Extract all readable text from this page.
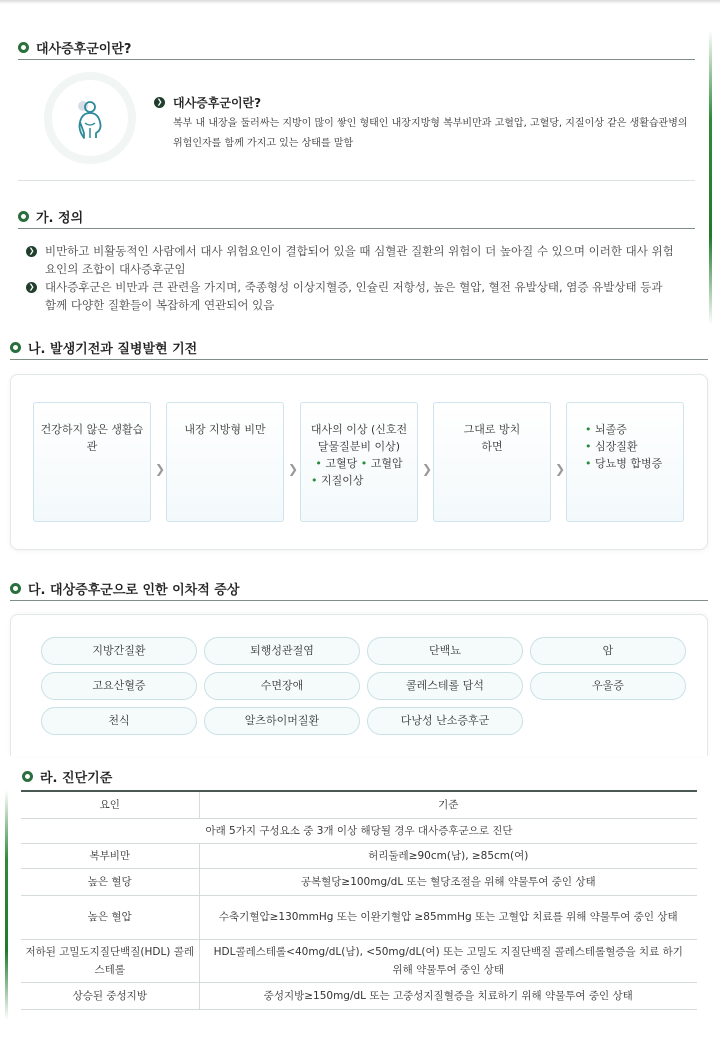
대사증후군이란?
❯ 대사증후군이란?
복부 내 내장을 둘러싸는 지방이 많이 쌓인 형태인 내장지방형 복부비만과 고혈압, 고혈당, 지질이상 같은 생활습관병의 위험인자를 함께 가지고 있는 상태를 말함
가. 정의
❯ 비만하고 비활동적인 사람에서 대사 위험요인이 결합되어 있을 때 심혈관 질환의 위험이 더 높아질 수 있으며 이러한 대사 위험요인의 조합이 대사증후군임
❯ 대사증후군은 비만과 큰 관련을 가지며, 죽종형성 이상지혈증, 인슐린 저항성, 높은 혈압, 혈전 유발상태, 염증 유발상태 등과 함께 다양한 질환들이 복잡하게 연관되어 있음
나. 발생기전과 질병발현 기전
건강하지 않은 생활습관
❯
내장 지방형 비만
❯
대사의 이상 (신호전달물질분비 이상)
• 고혈당 • 고혈압
• 지질이상
❯
그대로 방치 하면
❯
• 뇌졸증
• 심장질환
• 당뇨병 합병증
다. 대상증후군으로 인한 이차적 증상
지방간질환	퇴행성관절염	단백뇨	암
고요산혈증	수면장애	콜레스테롤 담석	우울증
천식	알츠하이머질환	다낭성 난소증후군
라. 진단기준
요인	기준
아래 5가지 구성요소 중 3개 이상 해당될 경우 대사증후군으로 진단	
복부비만	허리둘레≥90cm(남), ≥85cm(여)
높은 혈당	공복혈당≥100mg/dL 또는 혈당조절을 위해 약물투여 중인 상태
높은 혈압	수축기혈압≥130mmHg 또는 이완기혈압 ≥85mmHg 또는 고혈압 치료를 위해 약물투여 중인 상태
저하된 고밀도지질단백질(HDL) 콜레스테롤	HDL콜레스테롤<40mg/dL(남), <50mg/dL(여) 또는 고밀도 지질단백질 콜레스테롤혈증을 치료 하기 위해 약물투여 중인 상태
상승된 중성지방	중성지방≥150mg/dL 또는 고중성지질혈증을 치료하기 위해 약물투여 중인 상태
